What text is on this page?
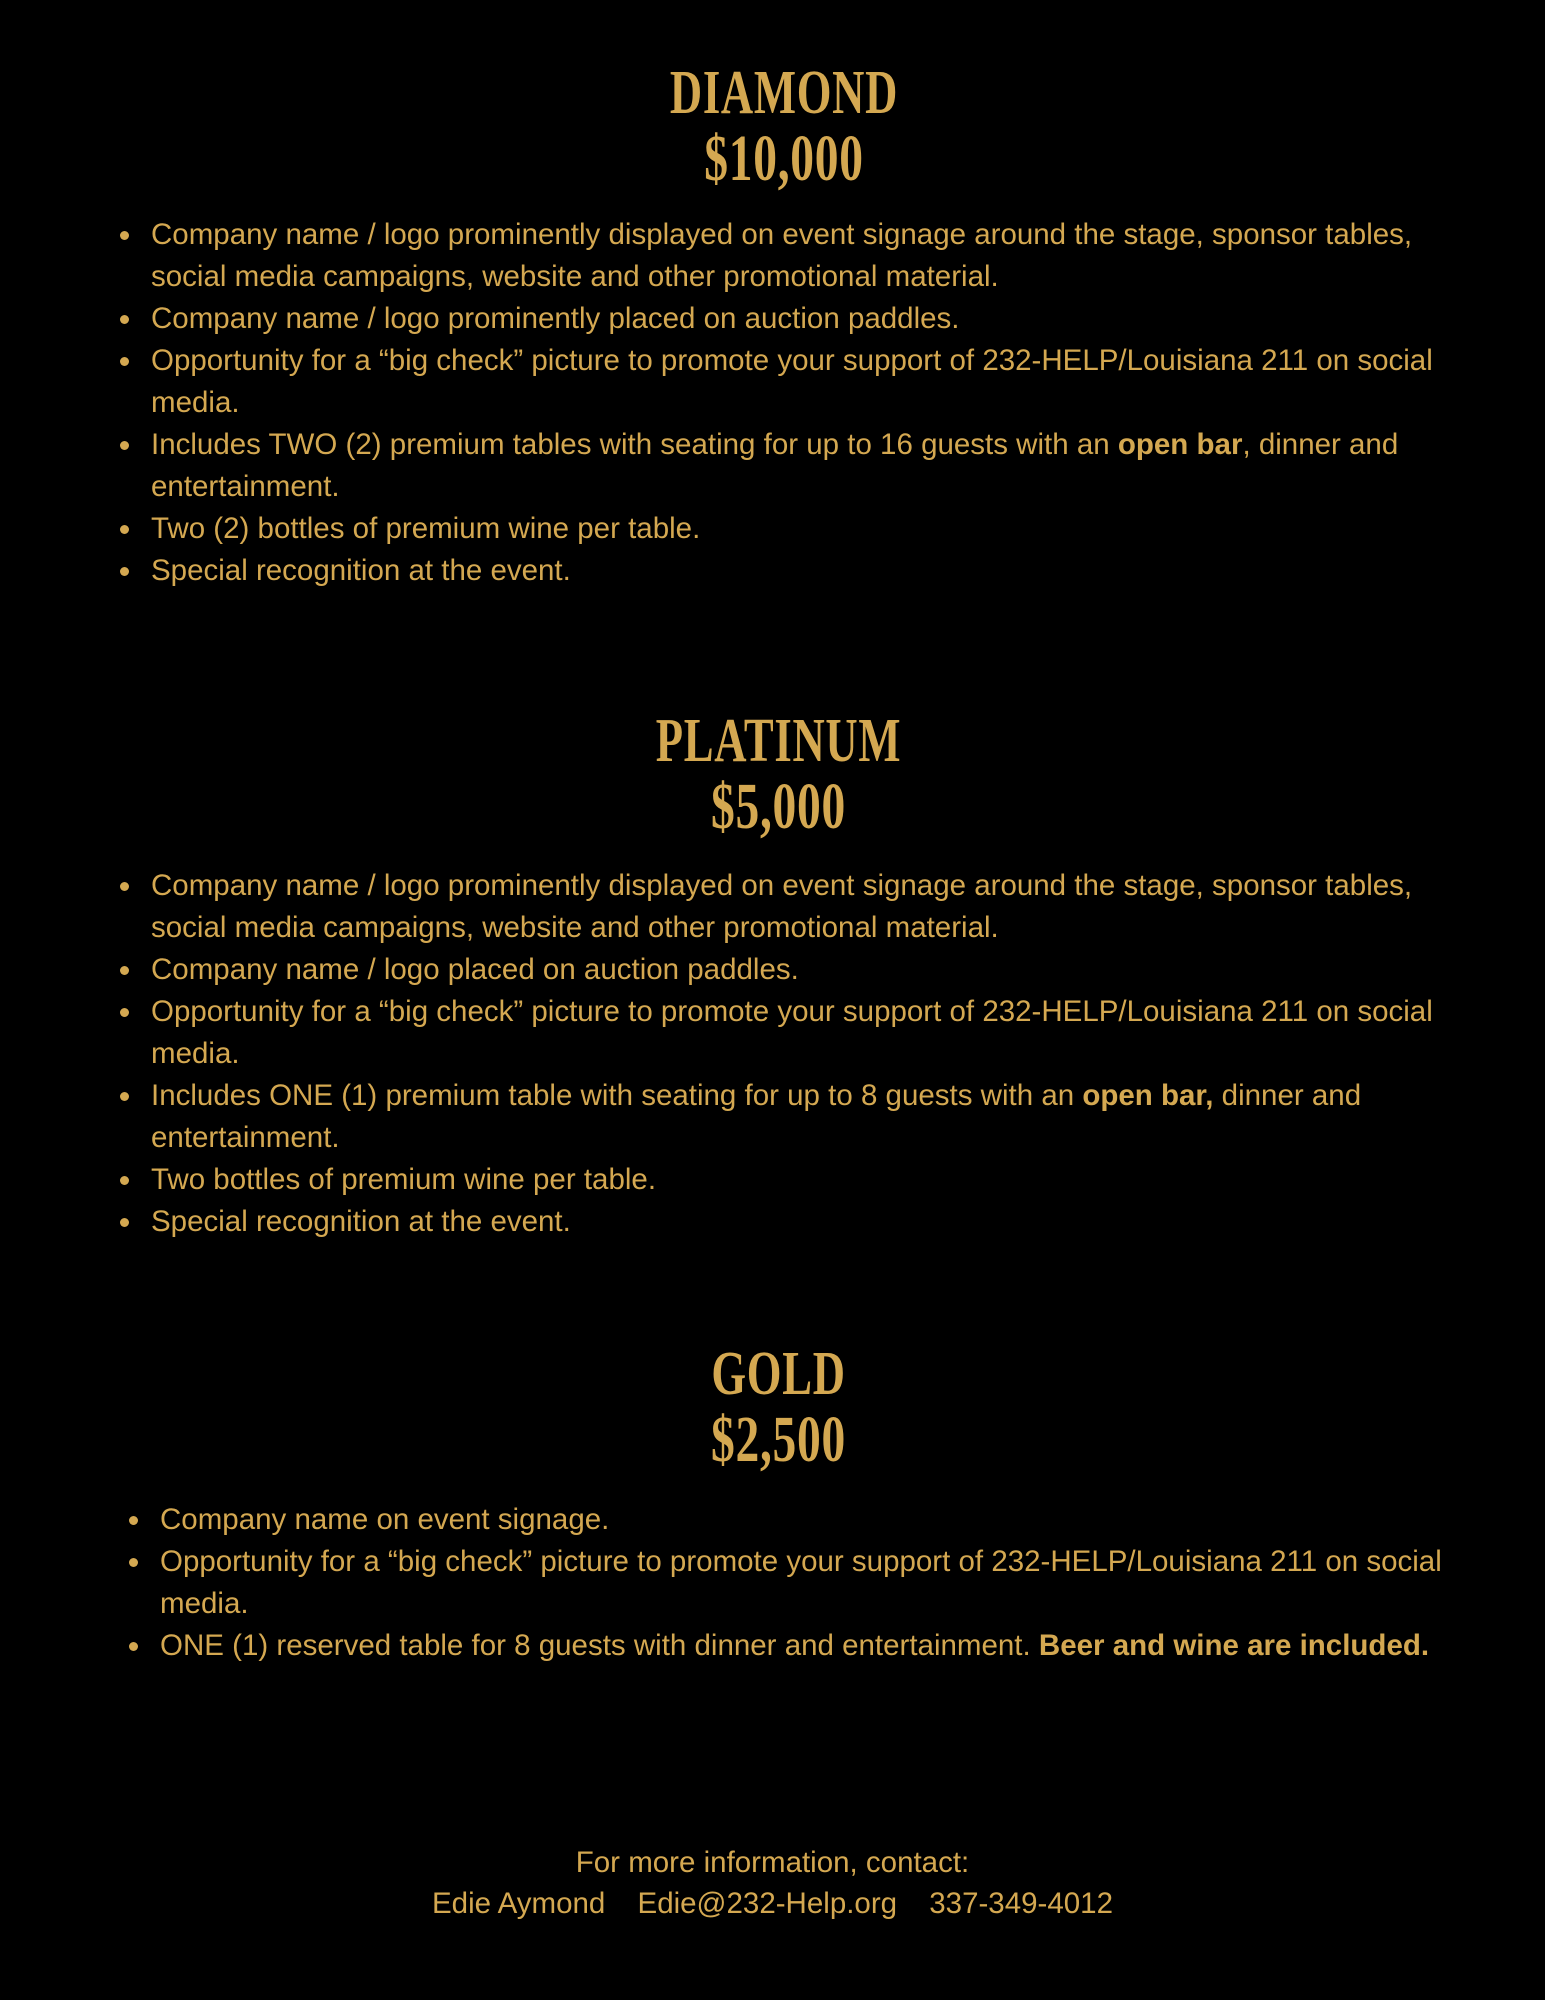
DIAMOND
$10,000
Company name / logo prominently displayed on event signage around the stage, sponsor tables, social media campaigns, website and other promotional material.
Company name / logo prominently placed on auction paddles.
Opportunity for a “big check” picture to promote your support of 232-HELP/Louisiana 211 on social media.
Includes TWO (2) premium tables with seating for up to 16 guests with an open bar, dinner and entertainment.
Two (2) bottles of premium wine per table.
Special recognition at the event.
PLATINUM
$5,000
Company name / logo prominently displayed on event signage around the stage, sponsor tables, social media campaigns, website and other promotional material.
Company name / logo placed on auction paddles.
Opportunity for a “big check” picture to promote your support of 232-HELP/Louisiana 211 on social media.
Includes ONE (1) premium table with seating for up to 8 guests with an open bar, dinner and entertainment.
Two bottles of premium wine per table.
Special recognition at the event.
GOLD
$2,500
Company name on event signage.
Opportunity for a “big check” picture to promote your support of 232-HELP/Louisiana 211 on social media.
ONE (1) reserved table for 8 guests with dinner and entertainment. Beer and wine are included.
For more information, contact:
Edie Aymond Edie@232-Help.org 337-349-4012
